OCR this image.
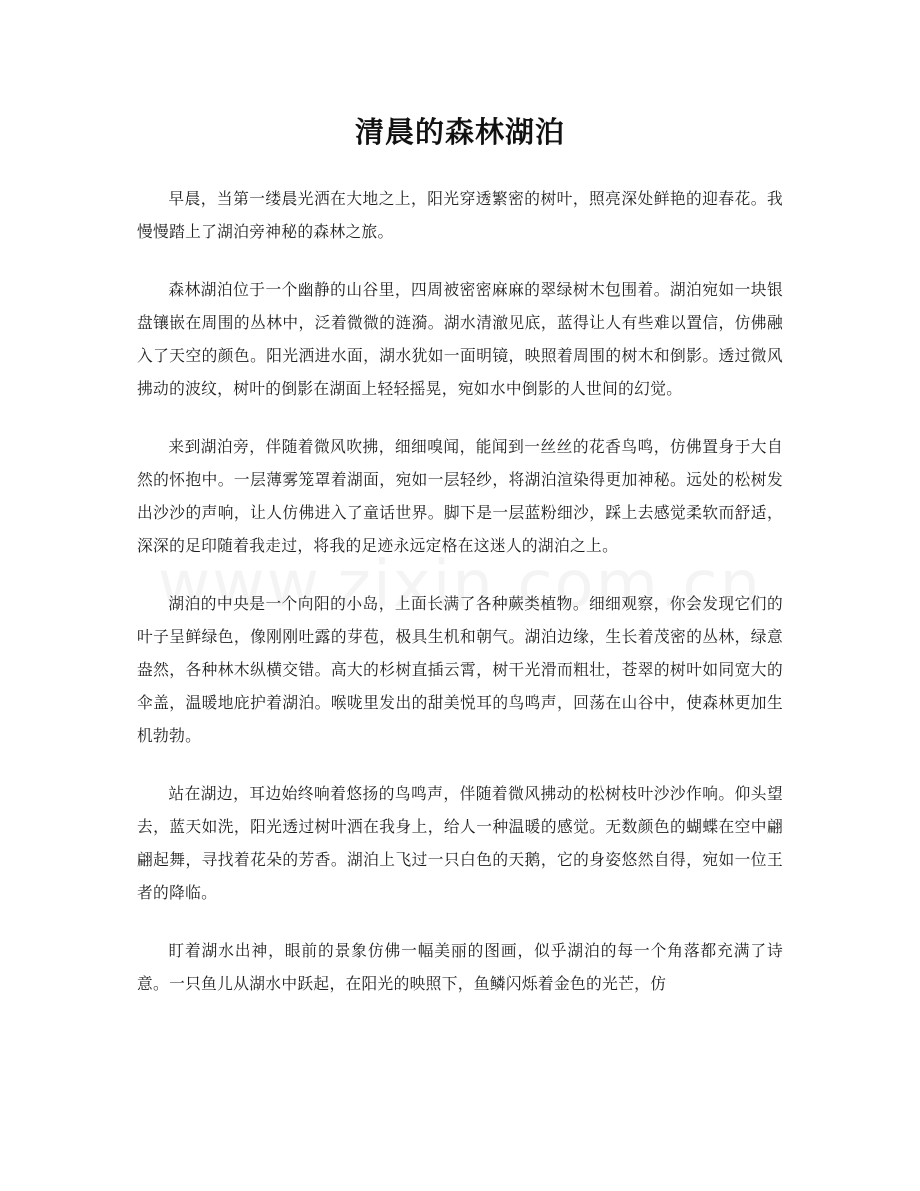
清晨的森林湖泊

早晨，当第一缕晨光洒在大地之上，阳光穿透繁密的树叶，照亮深处鲜艳的迎春花。我慢慢踏上了湖泊旁神秘的森林之旅。

森林湖泊位于一个幽静的山谷里，四周被密密麻麻的翠绿树木包围着。湖泊宛如一块银盘镶嵌在周围的丛林中，泛着微微的涟漪。湖水清澈见底，蓝得让人有些难以置信，仿佛融入了天空的颜色。阳光洒进水面，湖水犹如一面明镜，映照着周围的树木和倒影。透过微风拂动的波纹，树叶的倒影在湖面上轻轻摇晃，宛如水中倒影的人世间的幻觉。

来到湖泊旁，伴随着微风吹拂，细细嗅闻，能闻到一丝丝的花香鸟鸣，仿佛置身于大自然的怀抱中。一层薄雾笼罩着湖面，宛如一层轻纱，将湖泊渲染得更加神秘。远处的松树发出沙沙的声响，让人仿佛进入了童话世界。脚下是一层蓝粉细沙，踩上去感觉柔软而舒适，深深的足印随着我走过，将我的足迹永远定格在这迷人的湖泊之上。

湖泊的中央是一个向阳的小岛，上面长满了各种蕨类植物。细细观察，你会发现它们的叶子呈鲜绿色，像刚刚吐露的芽苞，极具生机和朝气。湖泊边缘，生长着茂密的丛林，绿意盎然，各种林木纵横交错。高大的杉树直插云霄，树干光滑而粗壮，苍翠的树叶如同宽大的伞盖，温暖地庇护着湖泊。喉咙里发出的甜美悦耳的鸟鸣声，回荡在山谷中，使森林更加生机勃勃。

站在湖边，耳边始终响着悠扬的鸟鸣声，伴随着微风拂动的松树枝叶沙沙作响。仰头望去，蓝天如洗，阳光透过树叶洒在我身上，给人一种温暖的感觉。无数颜色的蝴蝶在空中翩翩起舞，寻找着花朵的芳香。湖泊上飞过一只白色的天鹅，它的身姿悠然自得，宛如一位王者的降临。

盯着湖水出神，眼前的景象仿佛一幅美丽的图画，似乎湖泊的每一个角落都充满了诗意。一只鱼儿从湖水中跃起，在阳光的映照下，鱼鳞闪烁着金色的光芒，仿
